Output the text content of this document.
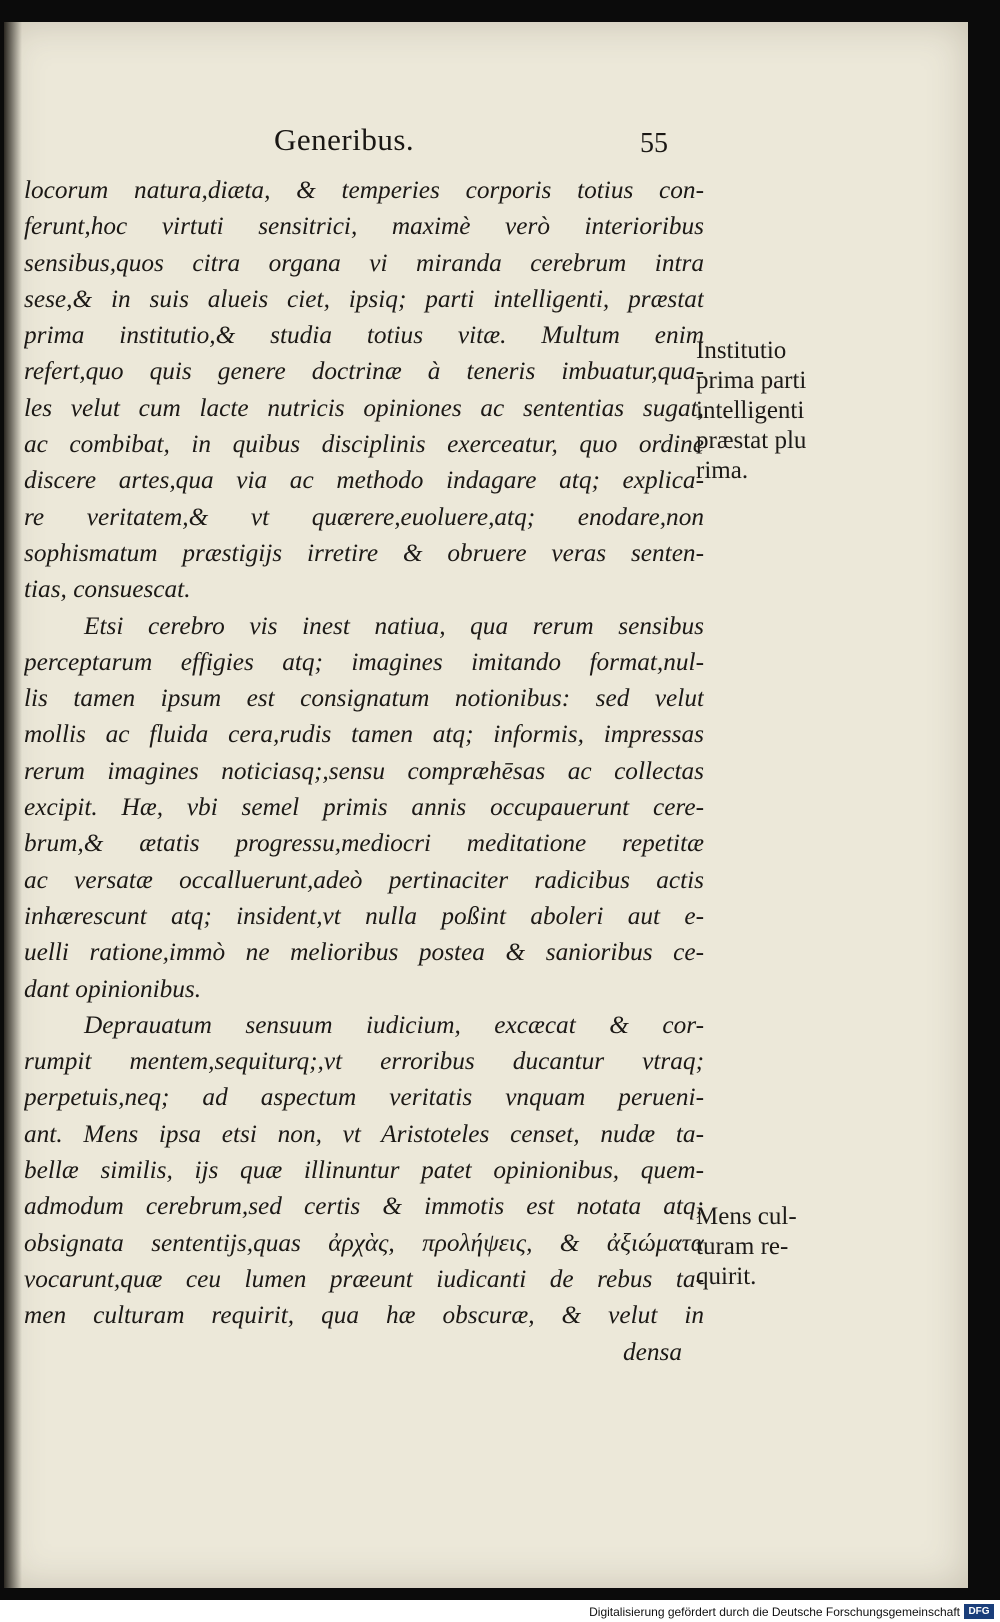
Generibus.	55
locorum natura,diæta, & temperies corporis totius con-
ferunt,hoc virtuti sensitrici, maximè verò interioribus
sensibus,quos citra organa vi miranda cerebrum intra
sese,& in suis alueis ciet, ipsiq; parti intelligenti, præstat
prima institutio,& studia totius vitæ. Multum enim
refert,quo quis genere doctrinæ à teneris imbuatur,qua-
les velut cum lacte nutricis opiniones ac sententias sugat,
ac combibat, in quibus disciplinis exerceatur, quo ordine
discere artes,qua via ac methodo indagare atq; explica-
re veritatem,& vt quærere,euoluere,atq; enodare,non
sophismatum præstigijs irretire & obruere veras senten-
tias, consuescat.
Etsi cerebro vis inest natiua, qua rerum sensibus
perceptarum effigies atq; imagines imitando format,nul-
lis tamen ipsum est consignatum notionibus: sed velut
mollis ac fluida cera,rudis tamen atq; informis, impressas
rerum imagines noticiasq;,sensu compræhēsas ac collectas
excipit. Hæ, vbi semel primis annis occupauerunt cere-
brum,& ætatis progressu,mediocri meditatione repetitæ
ac versatæ occalluerunt,adeò pertinaciter radicibus actis
inhærescunt atq; insident,vt nulla poßint aboleri aut e-
uelli ratione,immò ne melioribus postea & sanioribus ce-
dant opinionibus.
Deprauatum sensuum iudicium, excæcat & cor-
rumpit mentem,sequiturq;,vt erroribus ducantur vtraq;
perpetuis,neq; ad aspectum veritatis vnquam perueni-
ant. Mens ipsa etsi non, vt Aristoteles censet, nudæ ta-
bellæ similis, ijs quæ illinuntur patet opinionibus, quem-
admodum cerebrum,sed certis & immotis est notata atq;
obsignata sententijs,quas ἀρχὰς, προλήψεις, & ἀξιώματα
vocarunt,quæ ceu lumen præeunt iudicanti de rebus ta-
men culturam requirit, qua hæ obscuræ, & velut in
densa
Institutio
prima parti
intelligenti
præstat plu
rima.
Mens cul-
turam re-
quirit.
Digitalisierung gefördert durch die Deutsche Forschungsgemeinschaft DFG
